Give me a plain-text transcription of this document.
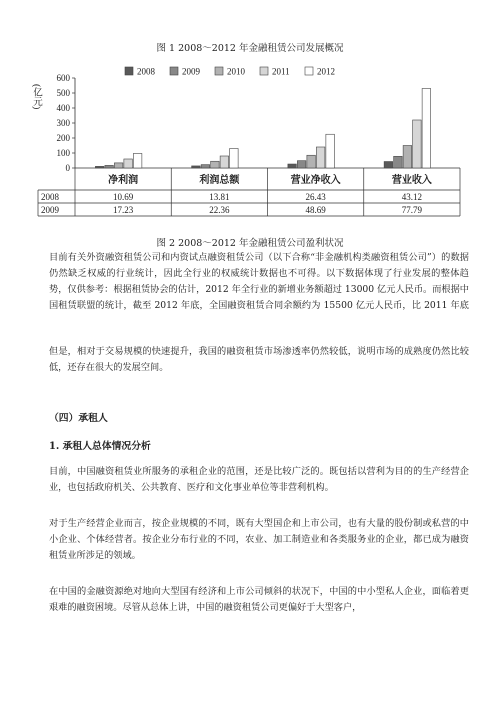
图 1 2008～2012 年金融租赁公司发展概况
0
100
200
300
400
500
600
(亿元)
2008	2009	2010	2011	2012
净利润	利润总额	营业净收入	营业收入
2008	10.69	13.81	26.43	43.12
2009	17.23	22.36	48.69	77.79
图 2 2008～2012 年金融租赁公司盈利状况
目前有关外资融资租赁公司和内资试点融资租赁公司（以下合称“非金融机构类融资租赁公司”）的数据仍然缺乏权威的行业统计，因此全行业的权威统计数据也不可得。以下数据体现了行业发展的整体趋势，仅供参考：根据租赁协会的估计，2012 年全行业的新增业务额超过 13000 亿元人民币。而根据中国租赁联盟的统计，截至 2012 年底，全国融资租赁合同余额约为 15500 亿元人民币，比 2011 年底
但是，相对于交易规模的快速提升，我国的融资租赁市场渗透率仍然较低，说明市场的成熟度仍然比较低，还存在很大的发展空间。
（四）承租人
1. 承租人总体情况分析
目前，中国融资租赁业所服务的承租企业的范围，还是比较广泛的。既包括以营利为目的的生产经营企业，也包括政府机关、公共教育、医疗和文化事业单位等非营利机构。
对于生产经营企业而言，按企业规模的不同，既有大型国企和上市公司，也有大量的股份制或私营的中小企业、个体经营者。按企业分布行业的不同，农业、加工制造业和各类服务业的企业，都已成为融资租赁业所涉足的领域。
在中国的金融资源绝对地向大型国有经济和上市公司倾斜的状况下，中国的中小型私人企业，面临着更艰难的融资困境。尽管从总体上讲，中国的融资租赁公司更偏好于大型客户，
